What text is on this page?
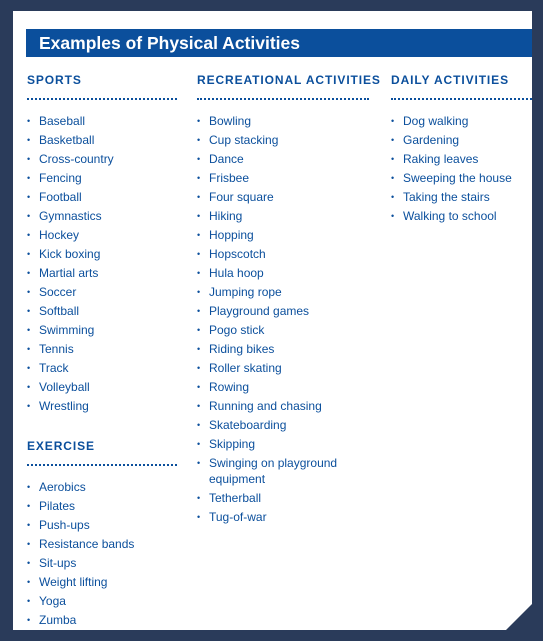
Examples of Physical Activities
SPORTS
• Baseball
• Basketball
• Cross-country
• Fencing
• Football
• Gymnastics
• Hockey
• Kick boxing
• Martial arts
• Soccer
• Softball
• Swimming
• Tennis
• Track
• Volleyball
• Wrestling
EXERCISE
• Aerobics
• Pilates
• Push-ups
• Resistance bands
• Sit-ups
• Weight lifting
• Yoga
• Zumba
RECREATIONAL ACTIVITIES
• Bowling
• Cup stacking
• Dance
• Frisbee
• Four square
• Hiking
• Hopping
• Hopscotch
• Hula hoop
• Jumping rope
• Playground games
• Pogo stick
• Riding bikes
• Roller skating
• Rowing
• Running and chasing
• Skateboarding
• Skipping
• Swinging on playground equipment
• Tetherball
• Tug-of-war
DAILY ACTIVITIES
• Dog walking
• Gardening
• Raking leaves
• Sweeping the house
• Taking the stairs
• Walking to school
